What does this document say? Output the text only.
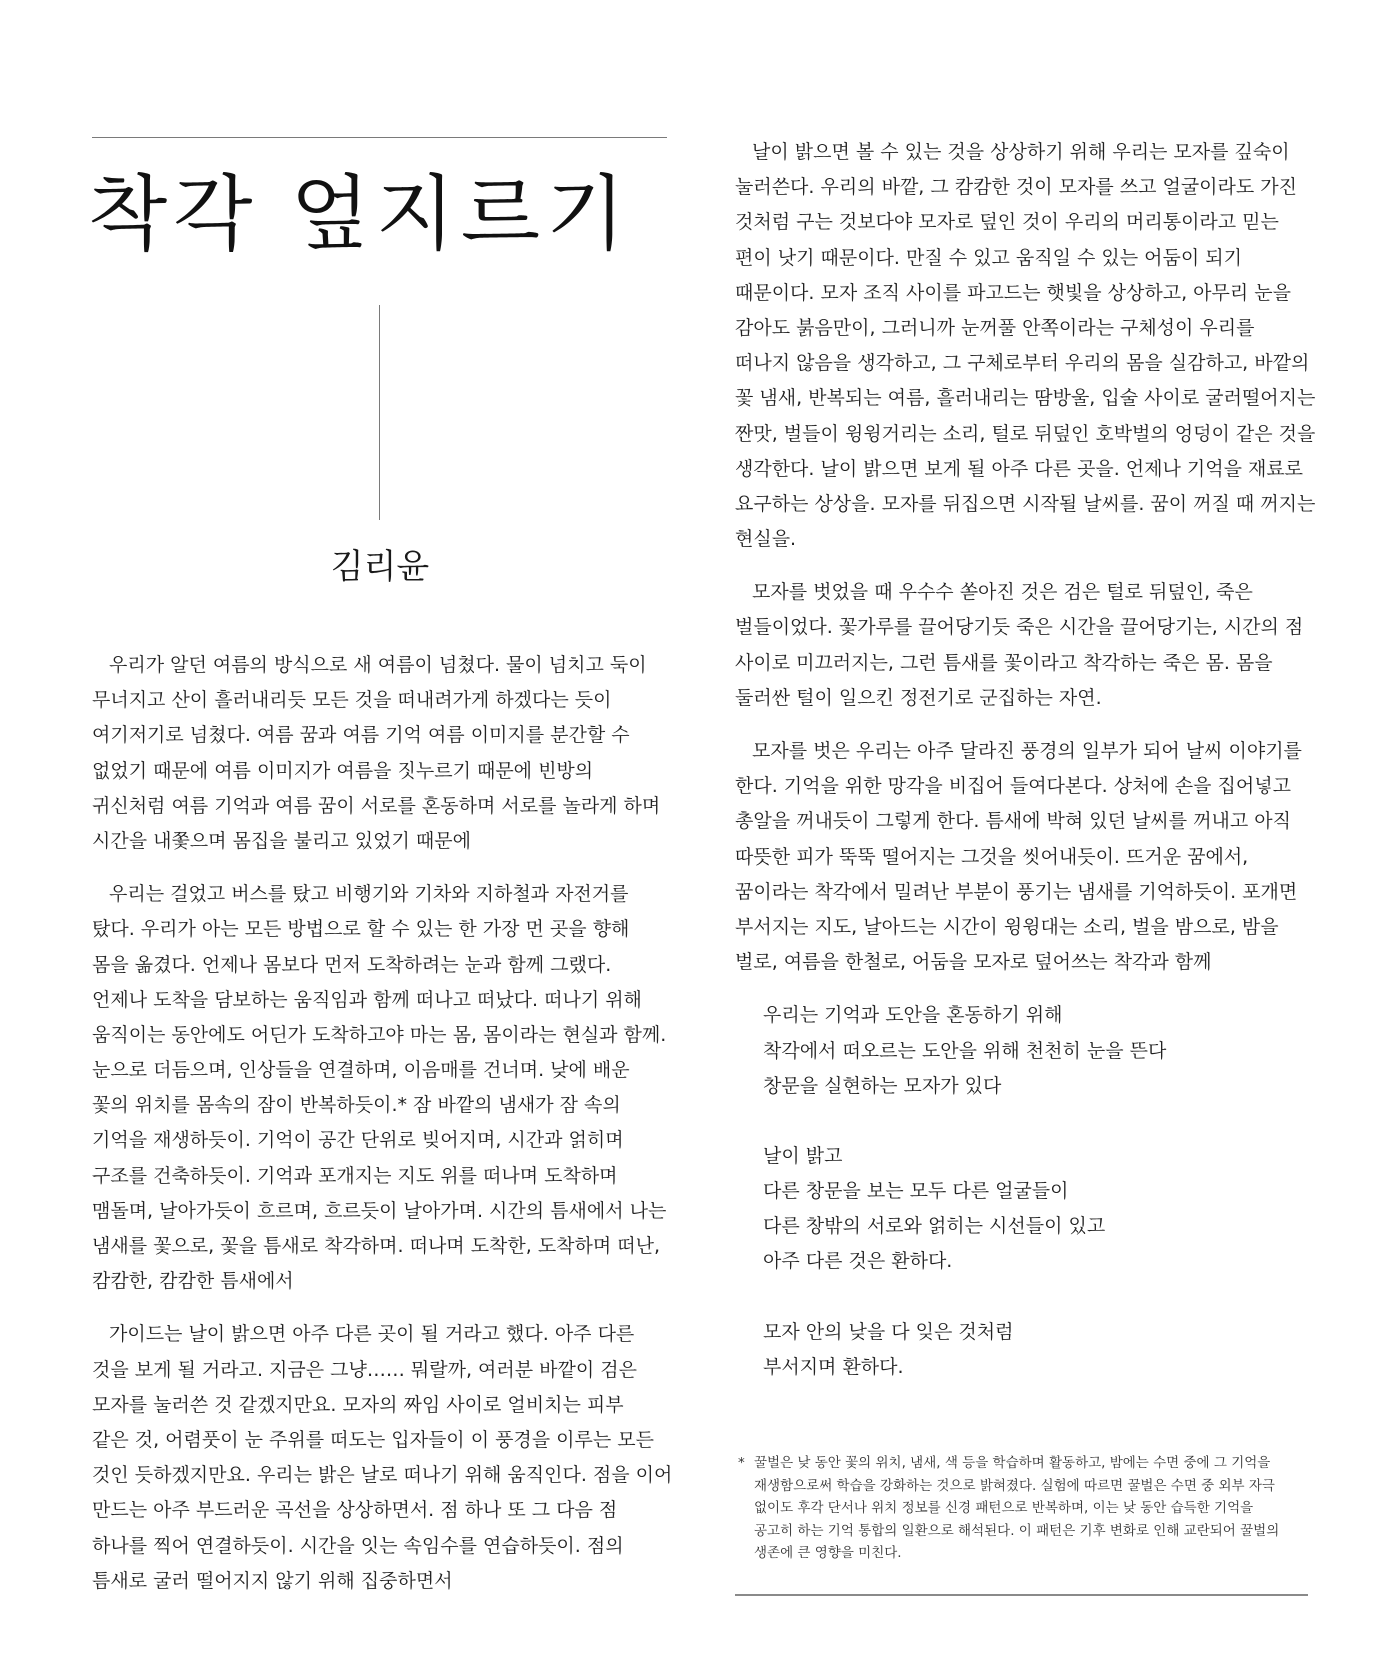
착각 엎지르기
김리윤

우리가 알던 여름의 방식으로 새 여름이 넘쳤다. 물이 넘치고 둑이
무너지고 산이 흘러내리듯 모든 것을 떠내려가게 하겠다는 듯이
여기저기로 넘쳤다. 여름 꿈과 여름 기억 여름 이미지를 분간할 수
없었기 때문에 여름 이미지가 여름을 짓누르기 때문에 빈방의
귀신처럼 여름 기억과 여름 꿈이 서로를 혼동하며 서로를 놀라게 하며
시간을 내쫓으며 몸집을 불리고 있었기 때문에

우리는 걸었고 버스를 탔고 비행기와 기차와 지하철과 자전거를
탔다. 우리가 아는 모든 방법으로 할 수 있는 한 가장 먼 곳을 향해
몸을 옮겼다. 언제나 몸보다 먼저 도착하려는 눈과 함께 그랬다.
언제나 도착을 담보하는 움직임과 함께 떠나고 떠났다. 떠나기 위해
움직이는 동안에도 어딘가 도착하고야 마는 몸, 몸이라는 현실과 함께.
눈으로 더듬으며, 인상들을 연결하며, 이음매를 건너며. 낮에 배운
꽃의 위치를 몸속의 잠이 반복하듯이.* 잠 바깥의 냄새가 잠 속의
기억을 재생하듯이. 기억이 공간 단위로 빚어지며, 시간과 얽히며
구조를 건축하듯이. 기억과 포개지는 지도 위를 떠나며 도착하며
맴돌며, 날아가듯이 흐르며, 흐르듯이 날아가며. 시간의 틈새에서 나는
냄새를 꽃으로, 꽃을 틈새로 착각하며. 떠나며 도착한, 도착하며 떠난,
캄캄한, 캄캄한 틈새에서

가이드는 날이 밝으면 아주 다른 곳이 될 거라고 했다. 아주 다른
것을 보게 될 거라고. 지금은 그냥…… 뭐랄까, 여러분 바깥이 검은
모자를 눌러쓴 것 같겠지만요. 모자의 짜임 사이로 얼비치는 피부
같은 것, 어렴풋이 눈 주위를 떠도는 입자들이 이 풍경을 이루는 모든
것인 듯하겠지만요. 우리는 밝은 날로 떠나기 위해 움직인다. 점을 이어
만드는 아주 부드러운 곡선을 상상하면서. 점 하나 또 그 다음 점
하나를 찍어 연결하듯이. 시간을 잇는 속임수를 연습하듯이. 점의
틈새로 굴러 떨어지지 않기 위해 집중하면서

날이 밝으면 볼 수 있는 것을 상상하기 위해 우리는 모자를 깊숙이
눌러쓴다. 우리의 바깥, 그 캄캄한 것이 모자를 쓰고 얼굴이라도 가진
것처럼 구는 것보다야 모자로 덮인 것이 우리의 머리통이라고 믿는
편이 낫기 때문이다. 만질 수 있고 움직일 수 있는 어둠이 되기
때문이다. 모자 조직 사이를 파고드는 햇빛을 상상하고, 아무리 눈을
감아도 붉음만이, 그러니까 눈꺼풀 안쪽이라는 구체성이 우리를
떠나지 않음을 생각하고, 그 구체로부터 우리의 몸을 실감하고, 바깥의
꽃 냄새, 반복되는 여름, 흘러내리는 땀방울, 입술 사이로 굴러떨어지는
짠맛, 벌들이 윙윙거리는 소리, 털로 뒤덮인 호박벌의 엉덩이 같은 것을
생각한다. 날이 밝으면 보게 될 아주 다른 곳을. 언제나 기억을 재료로
요구하는 상상을. 모자를 뒤집으면 시작될 날씨를. 꿈이 꺼질 때 꺼지는
현실을.

모자를 벗었을 때 우수수 쏟아진 것은 검은 털로 뒤덮인, 죽은
벌들이었다. 꽃가루를 끌어당기듯 죽은 시간을 끌어당기는, 시간의 점
사이로 미끄러지는, 그런 틈새를 꽃이라고 착각하는 죽은 몸. 몸을
둘러싼 털이 일으킨 정전기로 군집하는 자연.

모자를 벗은 우리는 아주 달라진 풍경의 일부가 되어 날씨 이야기를
한다. 기억을 위한 망각을 비집어 들여다본다. 상처에 손을 집어넣고
총알을 꺼내듯이 그렇게 한다. 틈새에 박혀 있던 날씨를 꺼내고 아직
따뜻한 피가 뚝뚝 떨어지는 그것을 씻어내듯이. 뜨거운 꿈에서,
꿈이라는 착각에서 밀려난 부분이 풍기는 냄새를 기억하듯이. 포개면
부서지는 지도, 날아드는 시간이 윙윙대는 소리, 벌을 밤으로, 밤을
벌로, 여름을 한철로, 어둠을 모자로 덮어쓰는 착각과 함께

우리는 기억과 도안을 혼동하기 위해
착각에서 떠오르는 도안을 위해 천천히 눈을 뜬다
창문을 실현하는 모자가 있다

날이 밝고
다른 창문을 보는 모두 다른 얼굴들이
다른 창밖의 서로와 얽히는 시선들이 있고
아주 다른 것은 환하다.

모자 안의 낮을 다 잊은 것처럼
부서지며 환하다.

* 꿀벌은 낮 동안 꽃의 위치, 냄새, 색 등을 학습하며 활동하고, 밤에는 수면 중에 그 기억을
재생함으로써 학습을 강화하는 것으로 밝혀졌다. 실험에 따르면 꿀벌은 수면 중 외부 자극
없이도 후각 단서나 위치 정보를 신경 패턴으로 반복하며, 이는 낮 동안 습득한 기억을
공고히 하는 기억 통합의 일환으로 해석된다. 이 패턴은 기후 변화로 인해 교란되어 꿀벌의
생존에 큰 영향을 미친다.
